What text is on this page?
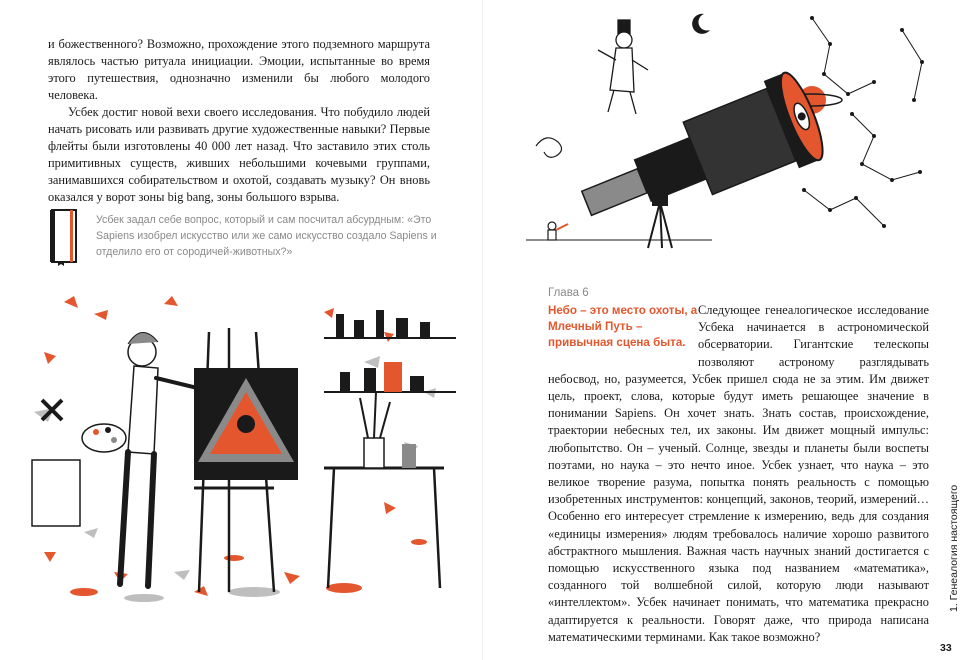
и божественного? Возможно, прохождение этого подземного маршрута являлось частью ритуала инициации. Эмоции, испытанные во время этого путешествия, однозначно изменили бы любого молодого человека.

Усбек достиг новой вехи своего исследования. Что побудило людей начать рисовать или развивать другие художественные навыки? Первые флейты были изготовлены 40 000 лет назад. Что заставило этих столь примитивных существ, живших небольшими кочевыми группами, занимавшихся собирательством и охотой, создавать музыку? Он вновь оказался у ворот зоны big bang, зоны большого взрыва.

Усбек задал себе вопрос, который и сам посчитал абсурдным: «Это Sapiens изобрел искусство или же само искусство создало Sapiens и отделило его от сородичей-животных?»
Глава 6
Небо – это место охоты, а Млечный Путь – привычная сцена быта.
Следующее генеалогическое исследование Усбека начинается в астрономической обсерватории. Гигантские телескопы позволяют астроному разглядывать небосвод, но, разумеется, Усбек пришел сюда не за этим. Им движет цель, проект, слова, которые будут иметь решающее значение в понимании Sapiens. Он хочет знать. Знать состав, происхождение, траектории небесных тел, их законы. Им движет мощный импульс: любопытство. Он – ученый. Солнце, звезды и планеты были воспеты поэтами, но наука – это нечто иное. Усбек узнает, что наука – это великое творение разума, попытка понять реальность с помощью изобретенных инструментов: концепций, законов, теорий, измерений… Особенно его интересует стремление к измерению, ведь для создания «единицы измерения» людям требовалось наличие хорошо развитого абстрактного мышления. Важная часть научных знаний достигается с помощью искусственного языка под названием «математика», созданного той волшебной силой, которую люди называют «интеллектом». Усбек начинает понимать, что математика прекрасно адаптируется к реальности. Говорят даже, что природа написана математическими терминами. Как такое возможно?
1. Генеалогия настоящего
33
